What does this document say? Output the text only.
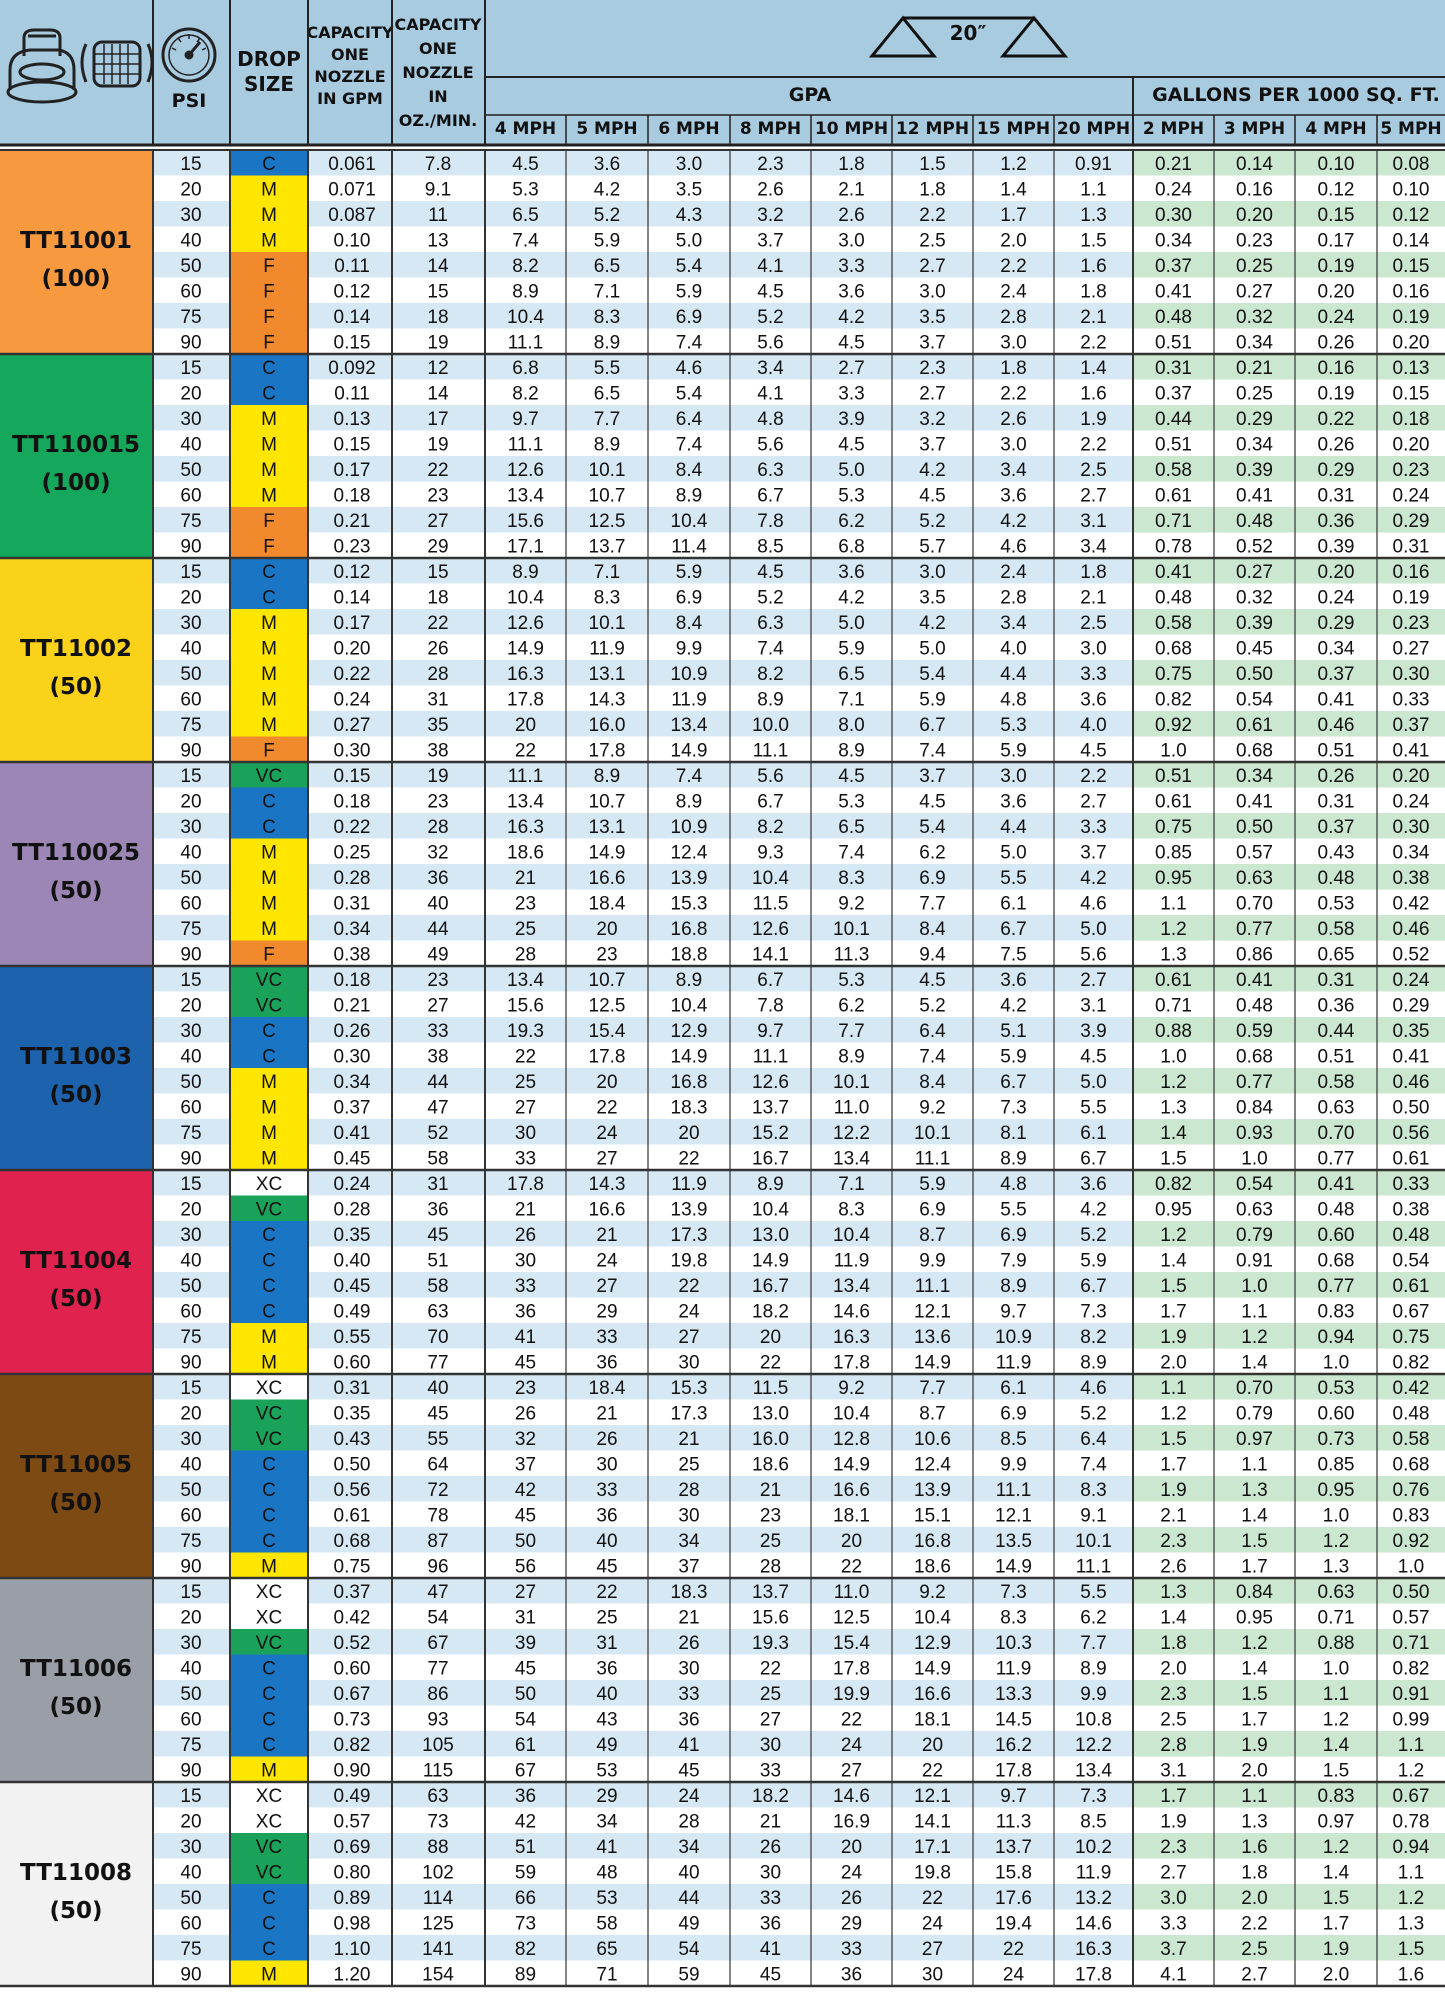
PSI
DROP
SIZE
CAPACITY
ONE
NOZZLE
IN GPM
CAPACITY
ONE
NOZZLE
IN
OZ./MIN.
20″
GPA	GALLONS PER 1000 SQ. FT.
4 MPH 5 MPH 6 MPH 8 MPH 10 MPH 12 MPH 15 MPH 20 MPH 2 MPH 3 MPH 4 MPH 5 MPH
TT11001
(100)
15	C	0.061	7.8	4.5	3.6	3.0	2.3	1.8	1.5	1.2	0.91 0.21 0.14 0.10 0.08
20	M	0.071	9.1	5.3	4.2	3.5	2.6	2.1	1.8	1.4	1.1	0.24 0.16 0.12 0.10
30	M	0.087	11	6.5	5.2	4.3	3.2	2.6	2.2	1.7	1.3	0.30 0.20 0.15 0.12
40	M	0.10	13	7.4	5.9	5.0	3.7	3.0	2.5	2.0	1.5	0.34 0.23 0.17 0.14
50	F	0.11	14	8.2	6.5	5.4	4.1	3.3	2.7	2.2	1.6	0.37 0.25 0.19 0.15
60	F	0.12	15	8.9	7.1	5.9	4.5	3.6	3.0	2.4	1.8	0.41 0.27 0.20 0.16
75	F	0.14	18	10.4	8.3	6.9	5.2	4.2	3.5	2.8	2.1	0.48 0.32 0.24 0.19
90	F	0.15	19	11.1	8.9	7.4	5.6	4.5	3.7	3.0	2.2	0.51 0.34 0.26 0.20
TT110015
(100)
15	C	0.092	12	6.8	5.5	4.6	3.4	2.7	2.3	1.8	1.4	0.31 0.21 0.16 0.13
20	C	0.11	14	8.2	6.5	5.4	4.1	3.3	2.7	2.2	1.6	0.37 0.25 0.19 0.15
30	M	0.13	17	9.7	7.7	6.4	4.8	3.9	3.2	2.6	1.9	0.44 0.29 0.22 0.18
40	M	0.15	19	11.1	8.9	7.4	5.6	4.5	3.7	3.0	2.2	0.51 0.34 0.26 0.20
50	M	0.17	22	12.6 10.1	8.4	6.3	5.0	4.2	3.4	2.5	0.58 0.39 0.29 0.23
60	M	0.18	23	13.4 10.7	8.9	6.7	5.3	4.5	3.6	2.7	0.61 0.41 0.31 0.24
75	F	0.21	27	15.6 12.5 10.4	7.8	6.2	5.2	4.2	3.1	0.71 0.48 0.36 0.29
90	F	0.23	29	17.1 13.7 11.4	8.5	6.8	5.7	4.6	3.4	0.78 0.52 0.39 0.31
TT11002
(50)
15	C	0.12	15	8.9	7.1	5.9	4.5	3.6	3.0	2.4	1.8	0.41 0.27 0.20 0.16
20	C	0.14	18	10.4	8.3	6.9	5.2	4.2	3.5	2.8	2.1	0.48 0.32 0.24 0.19
30	M	0.17	22	12.6 10.1	8.4	6.3	5.0	4.2	3.4	2.5	0.58 0.39 0.29 0.23
40	M	0.20	26	14.9 11.9	9.9	7.4	5.9	5.0	4.0	3.0	0.68 0.45 0.34 0.27
50	M	0.22	28	16.3 13.1 10.9	8.2	6.5	5.4	4.4	3.3	0.75 0.50 0.37 0.30
60	M	0.24	31	17.8 14.3 11.9	8.9	7.1	5.9	4.8	3.6	0.82 0.54 0.41 0.33
75	M	0.27	35	20	16.0 13.4 10.0	8.0	6.7	5.3	4.0	0.92 0.61 0.46 0.37
90	F	0.30	38	22	17.8 14.9 11.1	8.9	7.4	5.9	4.5	1.0	0.68 0.51 0.41
TT110025
(50)
15	VC	0.15	19	11.1	8.9	7.4	5.6	4.5	3.7	3.0	2.2	0.51 0.34 0.26 0.20
20	C	0.18	23	13.4 10.7	8.9	6.7	5.3	4.5	3.6	2.7	0.61 0.41 0.31 0.24
30	C	0.22	28	16.3 13.1 10.9	8.2	6.5	5.4	4.4	3.3	0.75 0.50 0.37 0.30
40	M	0.25	32	18.6 14.9 12.4	9.3	7.4	6.2	5.0	3.7	0.85 0.57 0.43 0.34
50	M	0.28	36	21	16.6 13.9 10.4	8.3	6.9	5.5	4.2	0.95 0.63 0.48 0.38
60	M	0.31	40	23	18.4 15.3 11.5	9.2	7.7	6.1	4.6	1.1	0.70 0.53 0.42
75	M	0.34	44	25	20	16.8 12.6 10.1	8.4	6.7	5.0	1.2	0.77 0.58 0.46
90	F	0.38	49	28	23	18.8 14.1 11.3	9.4	7.5	5.6	1.3	0.86 0.65 0.52
TT11003
(50)
15	VC	0.18	23	13.4 10.7	8.9	6.7	5.3	4.5	3.6	2.7	0.61 0.41 0.31 0.24
20	VC	0.21	27	15.6 12.5 10.4	7.8	6.2	5.2	4.2	3.1	0.71 0.48 0.36 0.29
30	C	0.26	33	19.3 15.4 12.9	9.7	7.7	6.4	5.1	3.9	0.88 0.59 0.44 0.35
40	C	0.30	38	22	17.8 14.9 11.1	8.9	7.4	5.9	4.5	1.0	0.68 0.51 0.41
50	M	0.34	44	25	20	16.8 12.6 10.1	8.4	6.7	5.0	1.2	0.77 0.58 0.46
60	M	0.37	47	27	22	18.3 13.7 11.0	9.2	7.3	5.5	1.3	0.84 0.63 0.50
75	M	0.41	52	30	24	20	15.2 12.2 10.1	8.1	6.1	1.4	0.93 0.70 0.56
90	M	0.45	58	33	27	22	16.7 13.4 11.1	8.9	6.7	1.5	1.0	0.77 0.61
TT11004
(50)
15	XC	0.24	31	17.8 14.3 11.9	8.9	7.1	5.9	4.8	3.6	0.82 0.54 0.41 0.33
20	VC	0.28	36	21	16.6 13.9 10.4	8.3	6.9	5.5	4.2	0.95 0.63 0.48 0.38
30	C	0.35	45	26	21	17.3 13.0 10.4	8.7	6.9	5.2	1.2	0.79 0.60 0.48
40	C	0.40	51	30	24	19.8 14.9 11.9	9.9	7.9	5.9	1.4	0.91 0.68 0.54
50	C	0.45	58	33	27	22	16.7 13.4 11.1	8.9	6.7	1.5	1.0	0.77 0.61
60	C	0.49	63	36	29	24	18.2 14.6 12.1	9.7	7.3	1.7	1.1	0.83 0.67
75	M	0.55	70	41	33	27	20	16.3 13.6 10.9	8.2	1.9	1.2	0.94 0.75
90	M	0.60	77	45	36	30	22	17.8 14.9 11.9	8.9	2.0	1.4	1.0 0.82
TT11005
(50)
15	XC	0.31	40	23	18.4 15.3 11.5	9.2	7.7	6.1	4.6	1.1	0.70 0.53 0.42
20	VC	0.35	45	26	21	17.3 13.0 10.4	8.7	6.9	5.2	1.2	0.79 0.60 0.48
30	VC	0.43	55	32	26	21	16.0 12.8 10.6	8.5	6.4	1.5	0.97 0.73 0.58
40	C	0.50	64	37	30	25	18.6 14.9 12.4	9.9	7.4	1.7	1.1	0.85 0.68
50	C	0.56	72	42	33	28	21	16.6 13.9 11.1	8.3	1.9	1.3	0.95 0.76
60	C	0.61	78	45	36	30	23	18.1 15.1 12.1	9.1	2.1	1.4	1.0 0.83
75	C	0.68	87	50	40	34	25	20	16.8 13.5 10.1	2.3	1.5	1.2 0.92
90	M	0.75	96	56	45	37	28	22	18.6 14.9 11.1	2.6	1.7	1.3	1.0
TT11006
(50)
15	XC	0.37	47	27	22	18.3 13.7 11.0	9.2	7.3	5.5	1.3	0.84 0.63 0.50
20	XC	0.42	54	31	25	21	15.6 12.5 10.4	8.3	6.2	1.4	0.95 0.71 0.57
30	VC	0.52	67	39	31	26	19.3 15.4 12.9 10.3	7.7	1.8	1.2	0.88 0.71
40	C	0.60	77	45	36	30	22	17.8 14.9 11.9	8.9	2.0	1.4	1.0 0.82
50	C	0.67	86	50	40	33	25	19.9 16.6 13.3	9.9	2.3	1.5	1.1 0.91
60	C	0.73	93	54	43	36	27	22	18.1 14.5 10.8	2.5	1.7	1.2 0.99
75	C	0.82	105	61	49	41	30	24	20	16.2 12.2	2.8	1.9	1.4	1.1
90	M	0.90	115	67	53	45	33	27	22	17.8 13.4	3.1	2.0	1.5	1.2
TT11008
(50)
15	XC	0.49	63	36	29	24	18.2 14.6 12.1	9.7	7.3	1.7	1.1	0.83 0.67
20	XC	0.57	73	42	34	28	21	16.9 14.1 11.3	8.5	1.9	1.3	0.97 0.78
30	VC	0.69	88	51	41	34	26	20	17.1 13.7 10.2	2.3	1.6	1.2 0.94
40	VC	0.80	102	59	48	40	30	24	19.8 15.8 11.9	2.7	1.8	1.4	1.1
50	C	0.89	114	66	53	44	33	26	22	17.6 13.2	3.0	2.0	1.5	1.2
60	C	0.98	125	73	58	49	36	29	24	19.4 14.6	3.3	2.2	1.7	1.3
75	C	1.10	141	82	65	54	41	33	27	22	16.3	3.7	2.5	1.9	1.5
90	M	1.20	154	89	71	59	45	36	30	24	17.8	4.1	2.7	2.0	1.6
